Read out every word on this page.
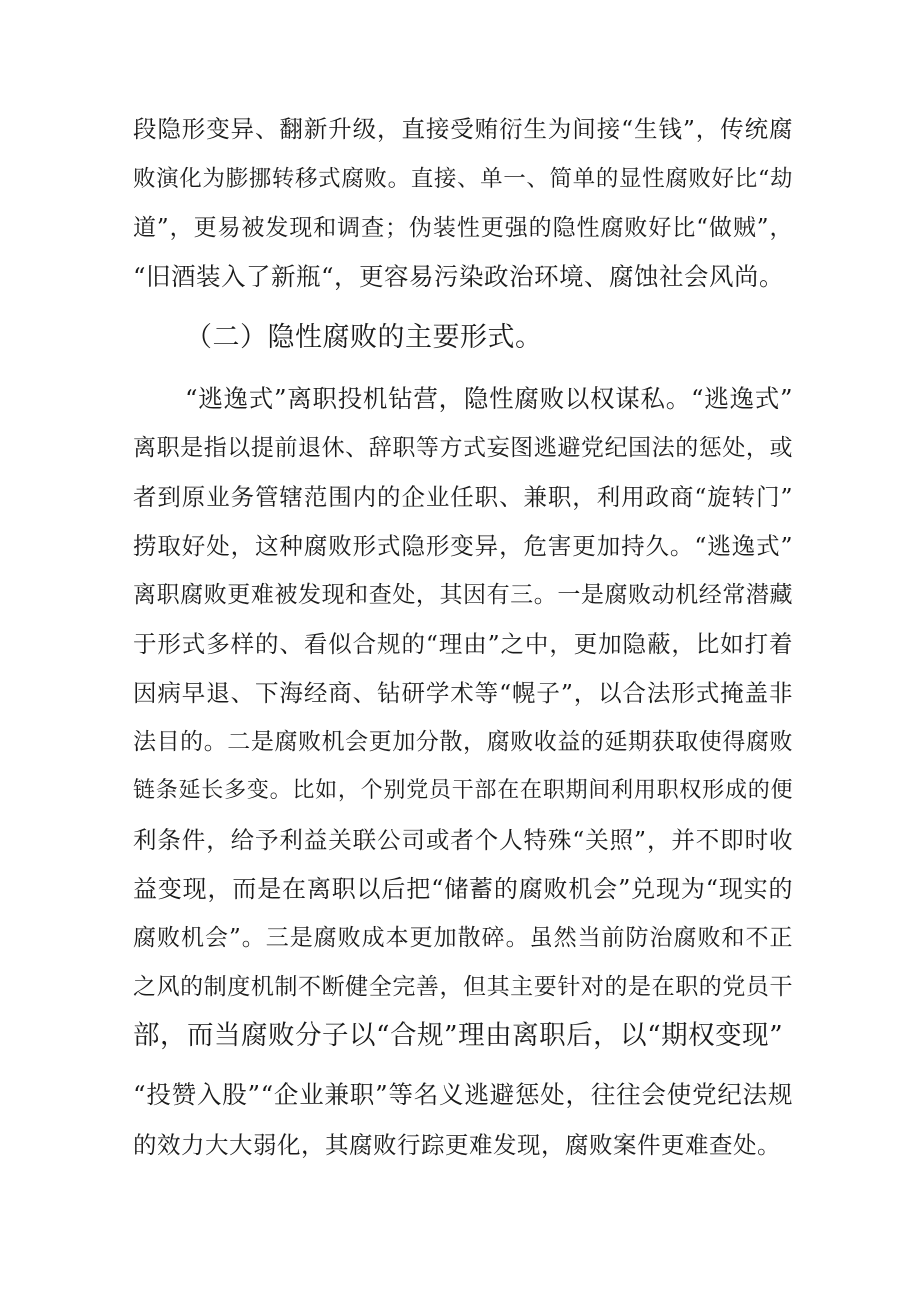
段隐形变异、翻新升级，直接受贿衍生为间接“生钱”，传统腐
败演化为膨挪转移式腐败。直接、单一、简单的显性腐败好比“劫
道”，更易被发现和调查；伪装性更强的隐性腐败好比“做贼”，
“旧酒装入了新瓶“，更容易污染政治环境、腐蚀社会风尚。
（二）隐性腐败的主要形式。
“逃逸式”离职投机钻营，隐性腐败以权谋私。“逃逸式”
离职是指以提前退休、辞职等方式妄图逃避党纪国法的惩处，或
者到原业务管辖范围内的企业任职、兼职，利用政商“旋转门”
捞取好处，这种腐败形式隐形变异，危害更加持久。“逃逸式”
离职腐败更难被发现和查处，其因有三。一是腐败动机经常潜藏
于形式多样的、看似合规的“理由”之中，更加隐蔽，比如打着
因病早退、下海经商、钻研学术等“幌子”，以合法形式掩盖非
法目的。二是腐败机会更加分散，腐败收益的延期获取使得腐败
链条延长多变。比如，个别党员干部在在职期间利用职权形成的便
利条件，给予利益关联公司或者个人特殊“关照”，并不即时收
益变现，而是在离职以后把“储蓄的腐败机会”兑现为“现实的
腐败机会”。三是腐败成本更加散碎。虽然当前防治腐败和不正
之风的制度机制不断健全完善，但其主要针对的是在职的党员干
部，而当腐败分子以“合规”理由离职后，以“期权变现”
“投赞入股”“企业兼职”等名义逃避惩处，往往会使党纪法规
的效力大大弱化，其腐败行踪更难发现，腐败案件更难查处。
